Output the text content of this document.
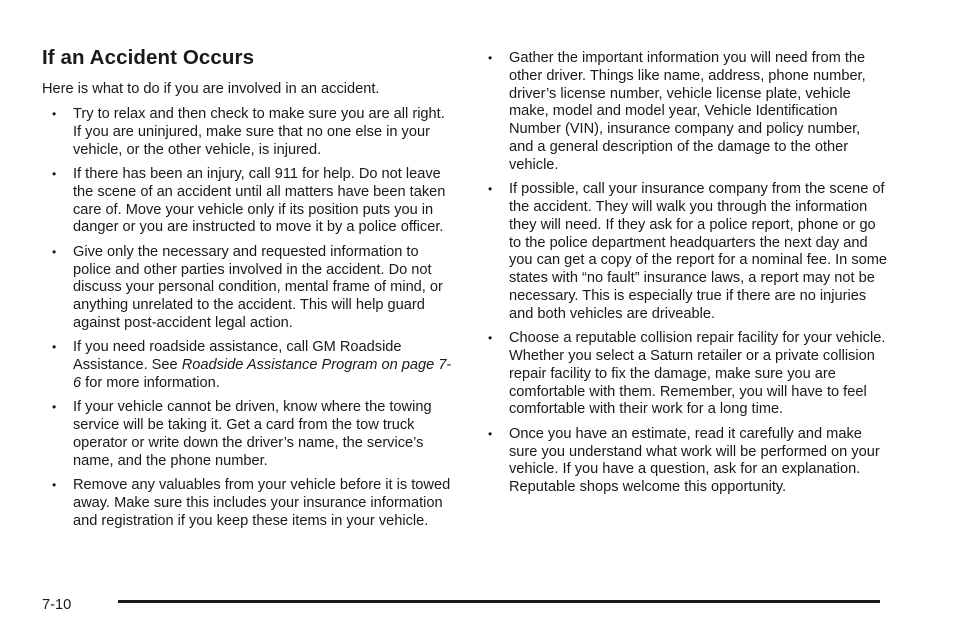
If an Accident Occurs

Here is what to do if you are involved in an accident.

• Try to relax and then check to make sure you are all right. If you are uninjured, make sure that no one else in your vehicle, or the other vehicle, is injured.
• If there has been an injury, call 911 for help. Do not leave the scene of an accident until all matters have been taken care of. Move your vehicle only if its position puts you in danger or you are instructed to move it by a police officer.
• Give only the necessary and requested information to police and other parties involved in the accident. Do not discuss your personal condition, mental frame of mind, or anything unrelated to the accident. This will help guard against post-accident legal action.
• If you need roadside assistance, call GM Roadside Assistance. See Roadside Assistance Program on page 7-6 for more information.
• If your vehicle cannot be driven, know where the towing service will be taking it. Get a card from the tow truck operator or write down the driver’s name, the service’s name, and the phone number.
• Remove any valuables from your vehicle before it is towed away. Make sure this includes your insurance information and registration if you keep these items in your vehicle.
• Gather the important information you will need from the other driver. Things like name, address, phone number, driver’s license number, vehicle license plate, vehicle make, model and model year, Vehicle Identification Number (VIN), insurance company and policy number, and a general description of the damage to the other vehicle.
• If possible, call your insurance company from the scene of the accident. They will walk you through the information they will need. If they ask for a police report, phone or go to the police department headquarters the next day and you can get a copy of the report for a nominal fee. In some states with “no fault” insurance laws, a report may not be necessary. This is especially true if there are no injuries and both vehicles are driveable.
• Choose a reputable collision repair facility for your vehicle. Whether you select a Saturn retailer or a private collision repair facility to fix the damage, make sure you are comfortable with them. Remember, you will have to feel comfortable with their work for a long time.
• Once you have an estimate, read it carefully and make sure you understand what work will be performed on your vehicle. If you have a question, ask for an explanation. Reputable shops welcome this opportunity.
7-10
